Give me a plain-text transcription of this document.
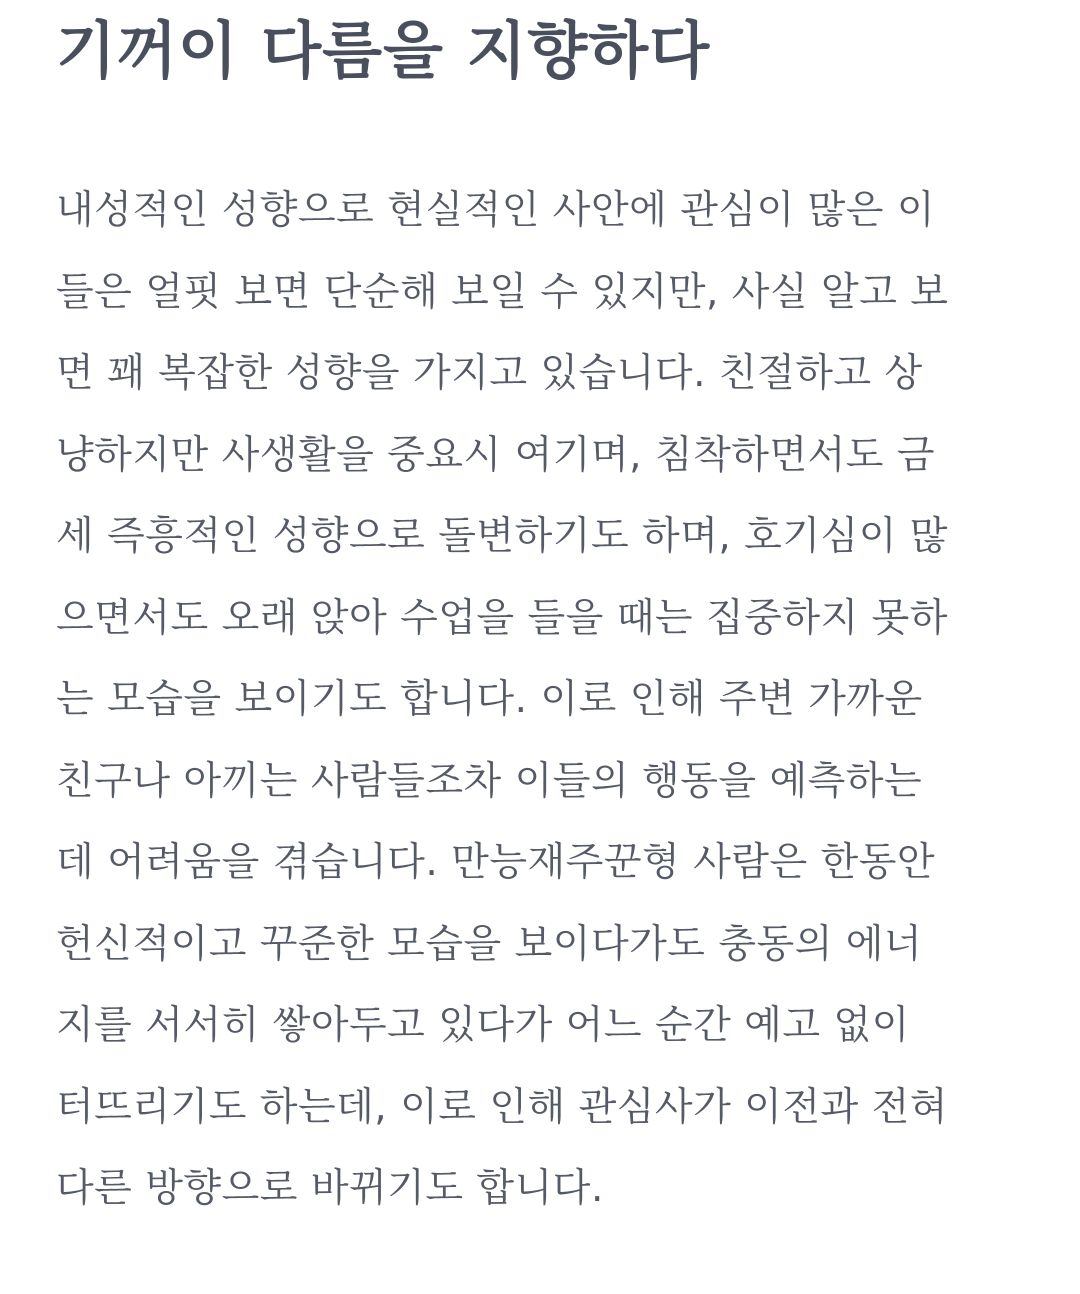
기꺼이 다름을 지향하다
내성적인 성향으로 현실적인 사안에 관심이 많은 이
들은 얼핏 보면 단순해 보일 수 있지만, 사실 알고 보
면 꽤 복잡한 성향을 가지고 있습니다. 친절하고 상
냥하지만 사생활을 중요시 여기며, 침착하면서도 금
세 즉흥적인 성향으로 돌변하기도 하며, 호기심이 많
으면서도 오래 앉아 수업을 들을 때는 집중하지 못하
는 모습을 보이기도 합니다. 이로 인해 주변 가까운
친구나 아끼는 사람들조차 이들의 행동을 예측하는
데 어려움을 겪습니다. 만능재주꾼형 사람은 한동안
헌신적이고 꾸준한 모습을 보이다가도 충동의 에너
지를 서서히 쌓아두고 있다가 어느 순간 예고 없이
터뜨리기도 하는데, 이로 인해 관심사가 이전과 전혀
다른 방향으로 바뀌기도 합니다.
